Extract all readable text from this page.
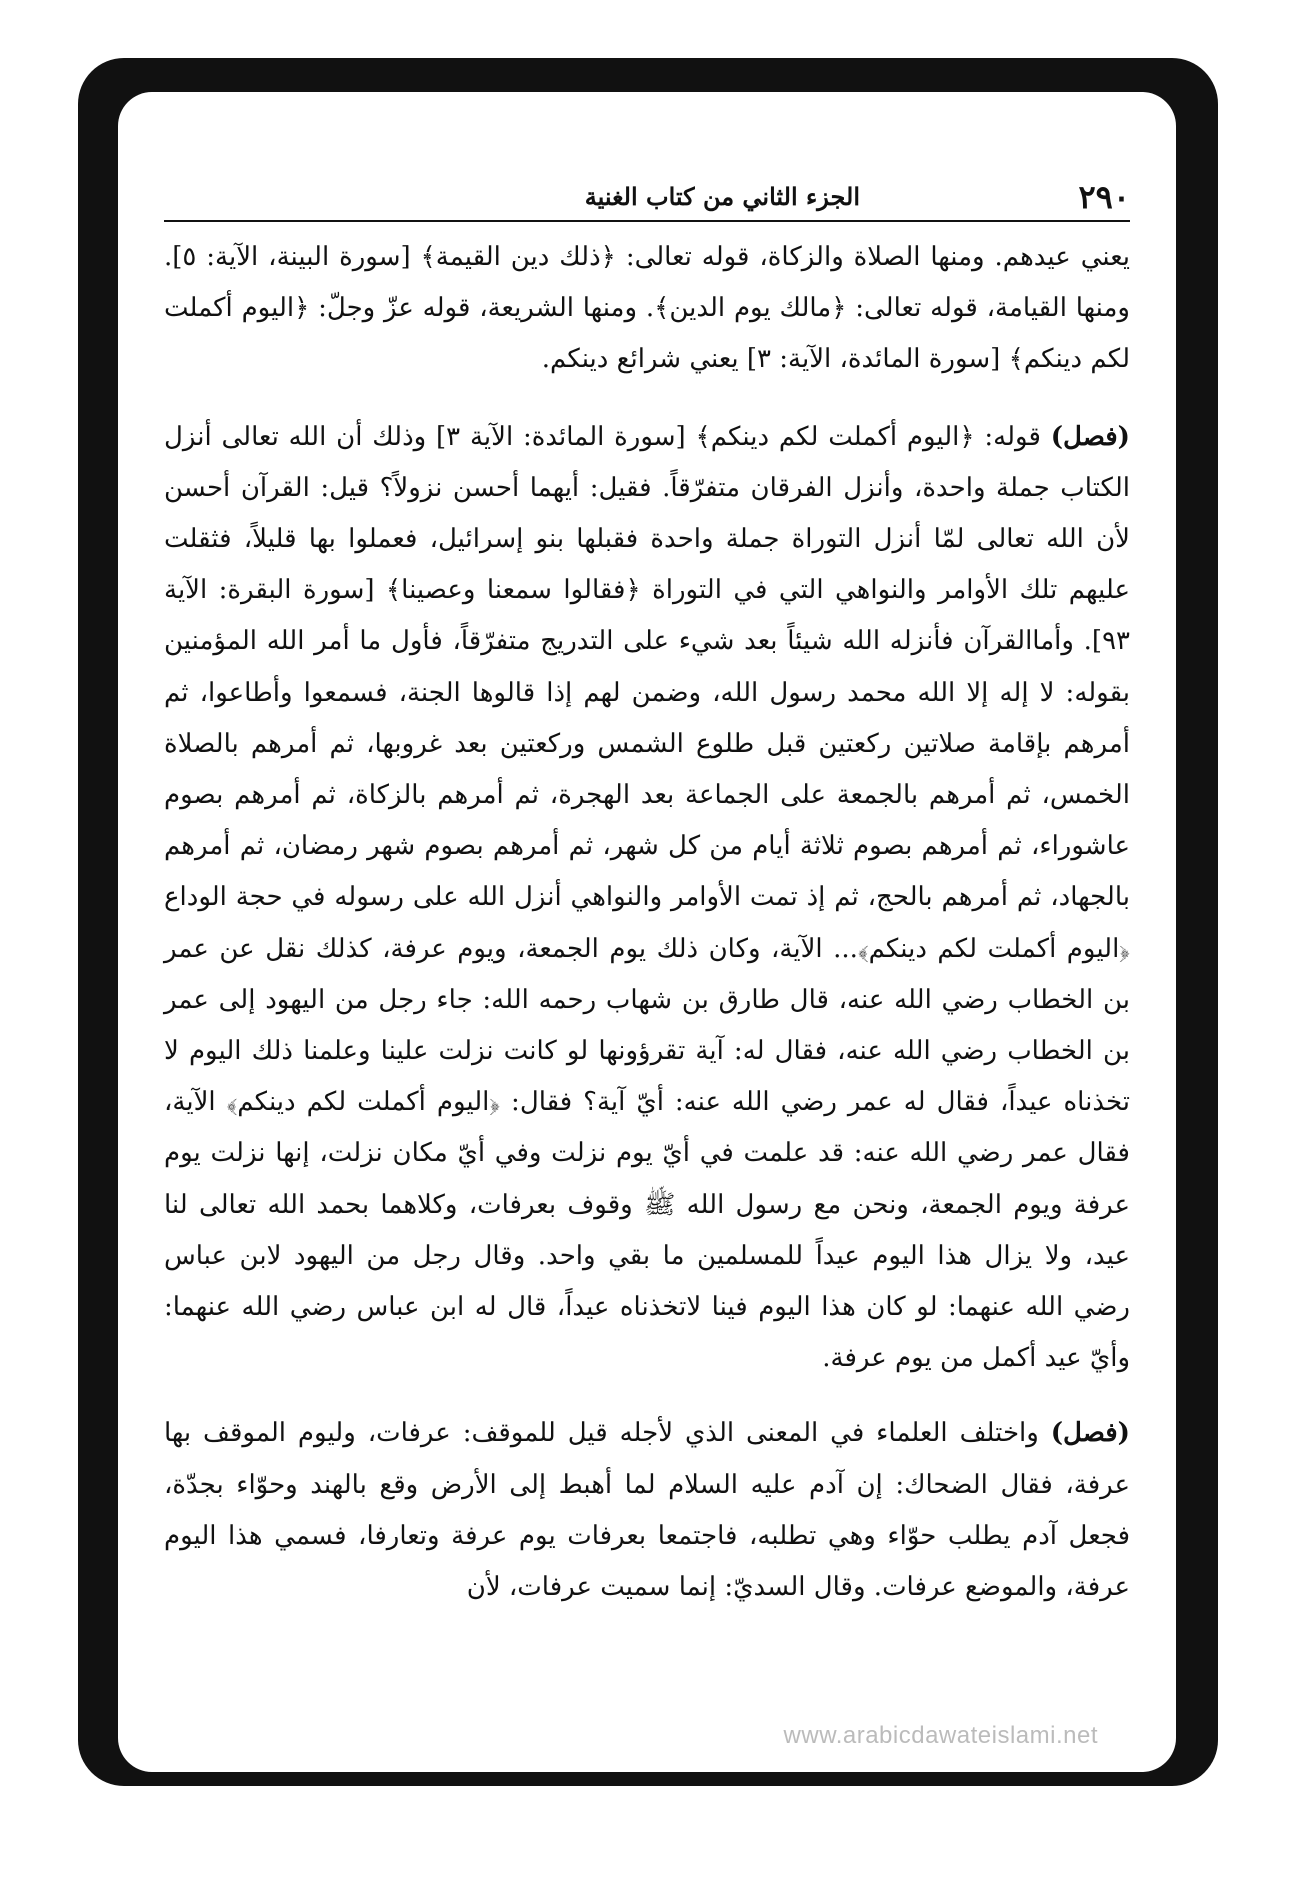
٢٩٠
الجزء الثاني من كتاب الغنية

يعني عيدهم. ومنها الصلاة والزكاة، قوله تعالى: ﴿ذلك دين القيمة﴾ [سورة البينة، الآية: ٥]. ومنها القيامة، قوله تعالى: ﴿مالك يوم الدين﴾. ومنها الشريعة، قوله عزّ وجلّ: ﴿اليوم أكملت لكم دينكم﴾ [سورة المائدة، الآية: ٣] يعني شرائع دينكم.

(فصل) قوله: ﴿اليوم أكملت لكم دينكم﴾ [سورة المائدة: الآية ٣] وذلك أن الله تعالى أنزل الكتاب جملة واحدة، وأنزل الفرقان متفرّقاً. فقيل: أيهما أحسن نزولاً؟ قيل: القرآن أحسن لأن الله تعالى لمّا أنزل التوراة جملة واحدة فقبلها بنو إسرائيل، فعملوا بها قليلاً، فثقلت عليهم تلك الأوامر والنواهي التي في التوراة ﴿فقالوا سمعنا وعصينا﴾ [سورة البقرة: الآية ٩٣]. وأماالقرآن فأنزله الله شيئاً بعد شيء على التدريج متفرّقاً، فأول ما أمر الله المؤمنين بقوله: لا إله إلا الله محمد رسول الله، وضمن لهم إذا قالوها الجنة، فسمعوا وأطاعوا، ثم أمرهم بإقامة صلاتين ركعتين قبل طلوع الشمس وركعتين بعد غروبها، ثم أمرهم بالصلاة الخمس، ثم أمرهم بالجمعة على الجماعة بعد الهجرة، ثم أمرهم بالزكاة، ثم أمرهم بصوم عاشوراء، ثم أمرهم بصوم ثلاثة أيام من كل شهر، ثم أمرهم بصوم شهر رمضان، ثم أمرهم بالجهاد، ثم أمرهم بالحج، ثم إذ تمت الأوامر والنواهي أنزل الله على رسوله في حجة الوداع ﴿اليوم أكملت لكم دينكم﴾... الآية، وكان ذلك يوم الجمعة، ويوم عرفة، كذلك نقل عن عمر بن الخطاب رضي الله عنه، قال طارق بن شهاب رحمه الله: جاء رجل من اليهود إلى عمر بن الخطاب رضي الله عنه، فقال له: آية تقرؤونها لو كانت نزلت علينا وعلمنا ذلك اليوم لا تخذناه عيداً، فقال له عمر رضي الله عنه: أيّ آية؟ فقال: ﴿اليوم أكملت لكم دينكم﴾ الآية، فقال عمر رضي الله عنه: قد علمت في أيّ يوم نزلت وفي أيّ مكان نزلت، إنها نزلت يوم عرفة ويوم الجمعة، ونحن مع رسول الله ﷺ وقوف بعرفات، وكلاهما بحمد الله تعالى لنا عيد، ولا يزال هذا اليوم عيداً للمسلمين ما بقي واحد. وقال رجل من اليهود لابن عباس رضي الله عنهما: لو كان هذا اليوم فينا لاتخذناه عيداً، قال له ابن عباس رضي الله عنهما: وأيّ عيد أكمل من يوم عرفة.

(فصل) واختلف العلماء في المعنى الذي لأجله قيل للموقف: عرفات، وليوم الموقف بها عرفة، فقال الضحاك: إن آدم عليه السلام لما أهبط إلى الأرض وقع بالهند وحوّاء بجدّة، فجعل آدم يطلب حوّاء وهي تطلبه، فاجتمعا بعرفات يوم عرفة وتعارفا، فسمي هذا اليوم عرفة، والموضع عرفات. وقال السديّ: إنما سميت عرفات، لأن

www.arabicdawateislami.net
